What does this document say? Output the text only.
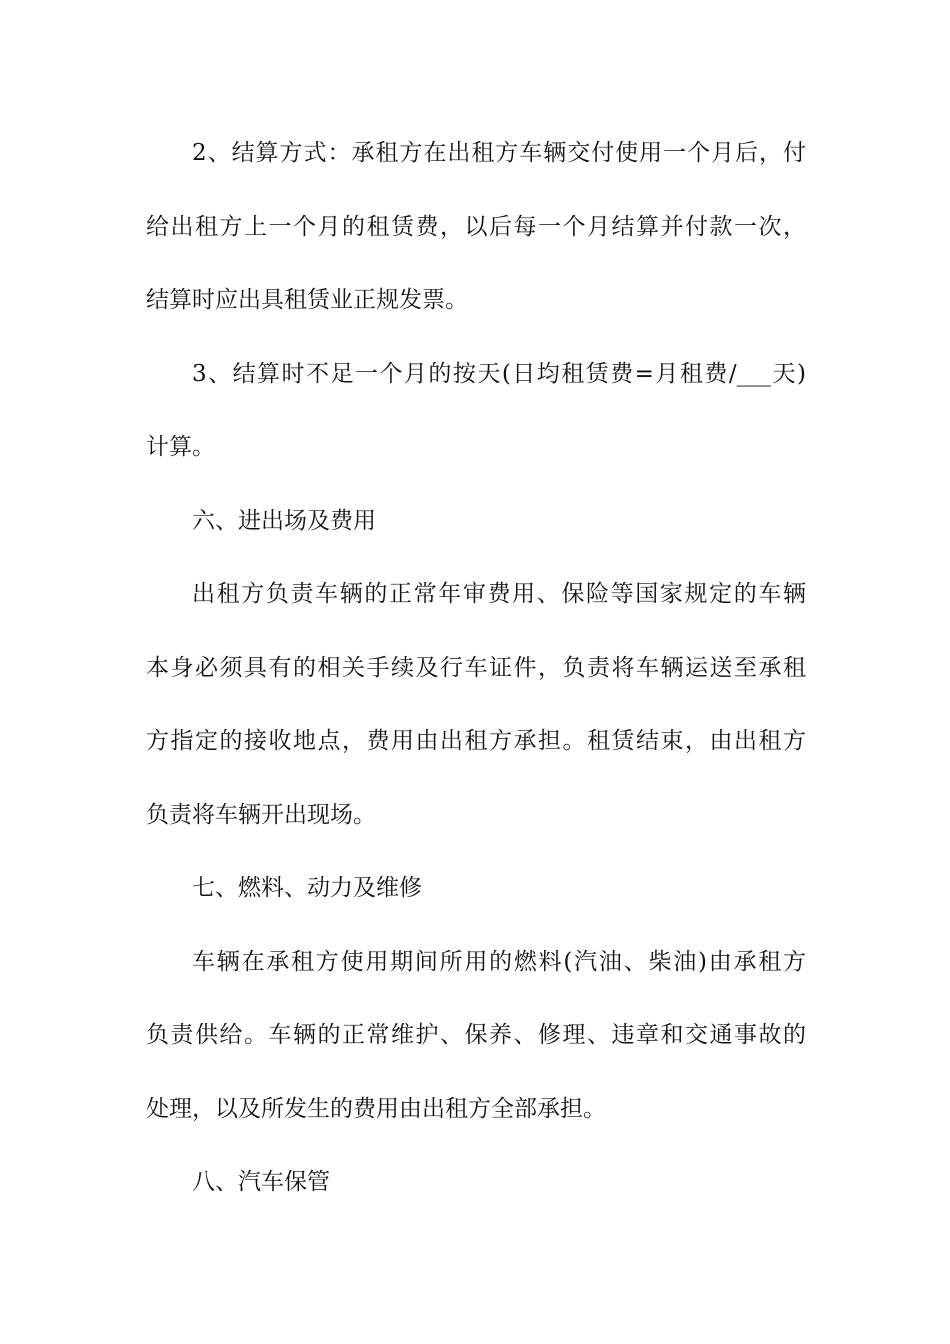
2、结算方式：承租方在出租方车辆交付使用一个月后，付
给出租方上一个月的租赁费，以后每一个月结算并付款一次，
结算时应出具租赁业正规发票。
3、结算时不足一个月的按天(日均租赁费=月租费/___天)
计算。
六、进出场及费用
出租方负责车辆的正常年审费用、保险等国家规定的车辆
本身必须具有的相关手续及行车证件，负责将车辆运送至承租
方指定的接收地点，费用由出租方承担。租赁结束，由出租方
负责将车辆开出现场。
七、燃料、动力及维修
车辆在承租方使用期间所用的燃料(汽油、柴油)由承租方
负责供给。车辆的正常维护、保养、修理、违章和交通事故的
处理，以及所发生的费用由出租方全部承担。
八、汽车保管
